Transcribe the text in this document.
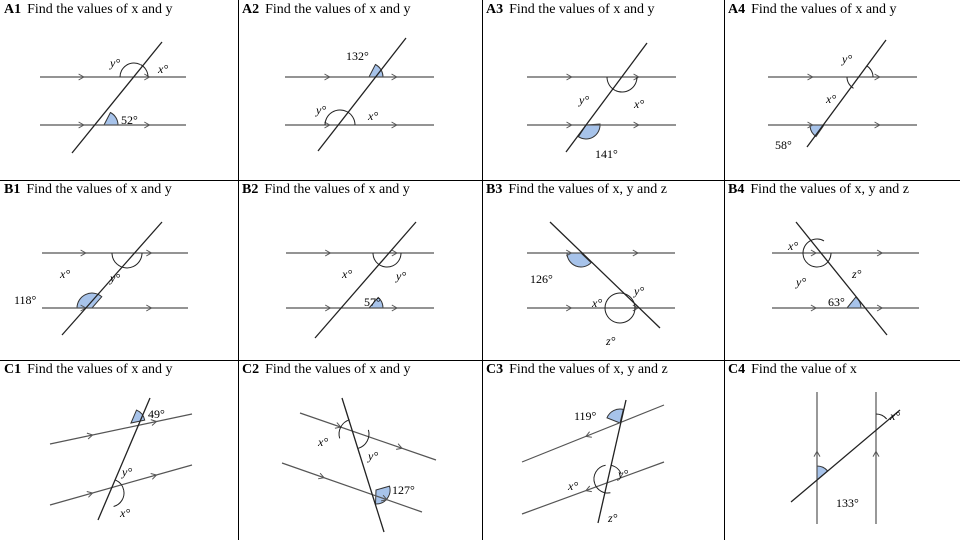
52°
y°	x°
A1 Find the values of x and y
132°
y°	x°
A2 Find the values of x and y
141°
y°	x°
A3 Find the values of x and y
58°
y°
x°
A4 Find the values of x and y
118°
y°
x°
B1 Find the values of x and y
57°
y°
x°
B2 Find the values of x and y
126°
y°
x°
z°
B3 Find the values of x, y and z
63°
y°
x°
z°
B4 Find the values of x, y and z
49°
y°
x°
C1 Find the values of x and y
127°
y°
x°
C2 Find the values of x and y
119°
y°
x°
z°
C3 Find the values of x, y and z
133°
x°
C4 Find the value of x
